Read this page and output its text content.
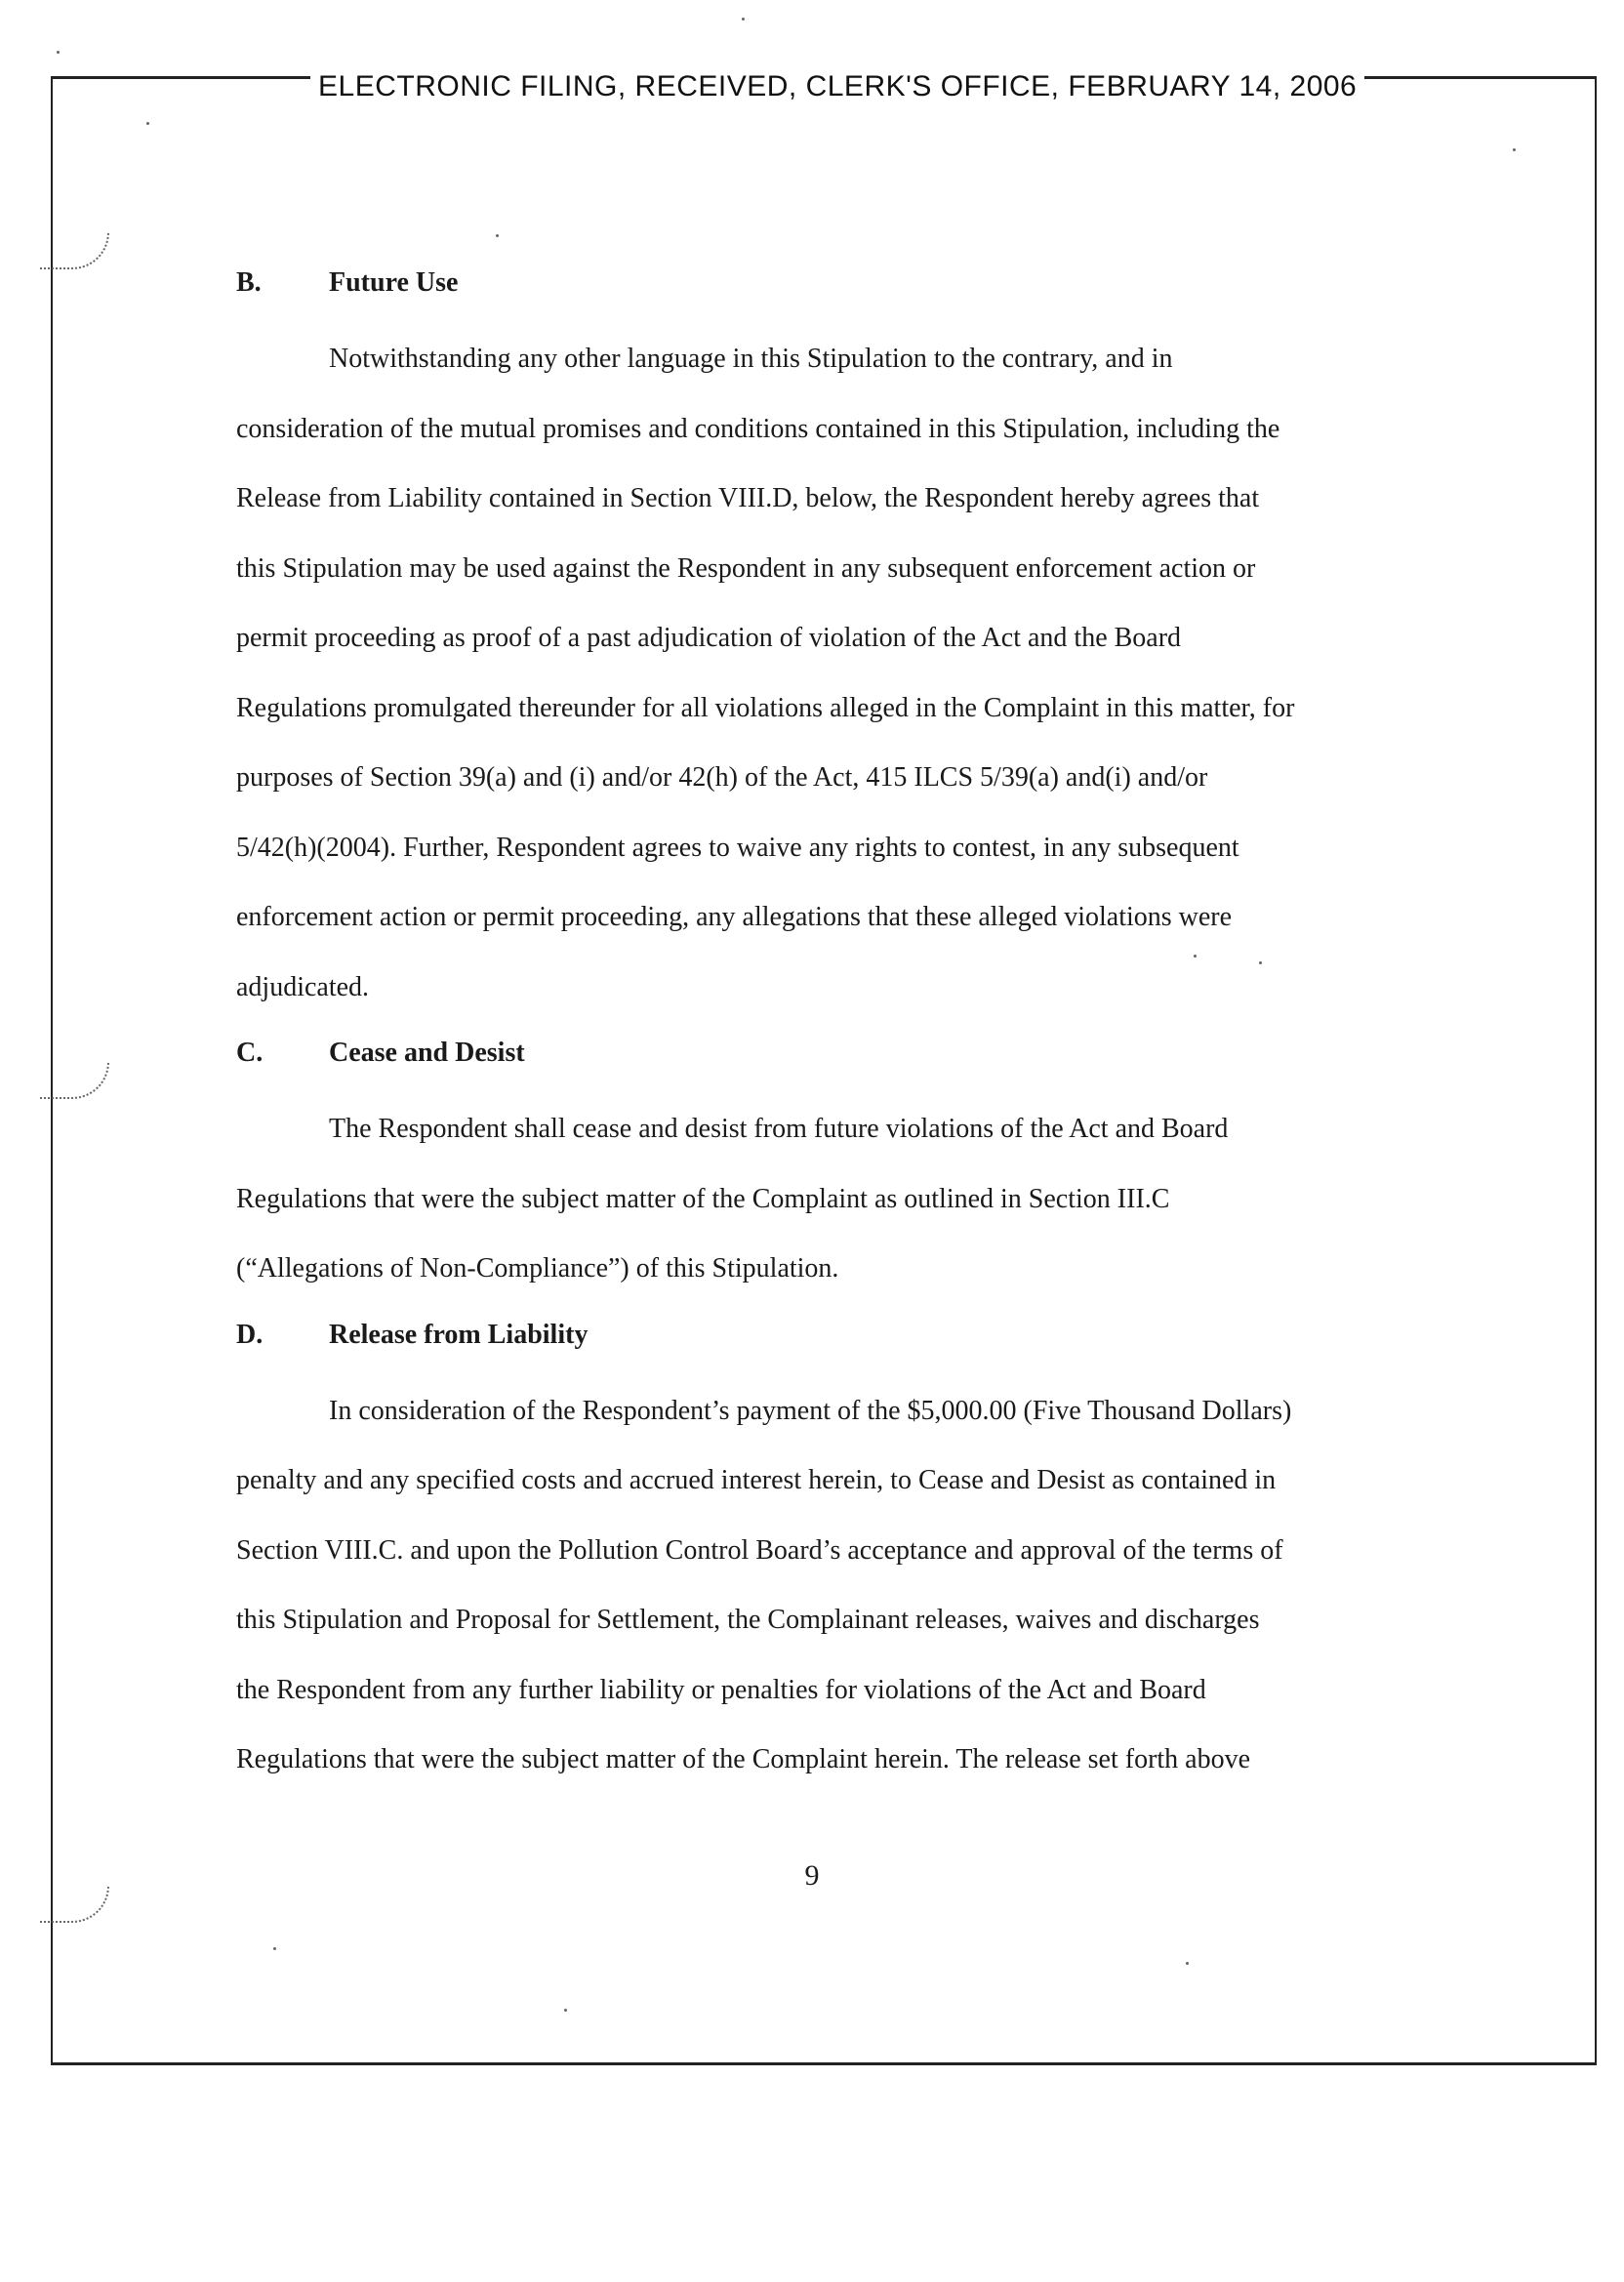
ELECTRONIC FILING, RECEIVED, CLERK'S OFFICE, FEBRUARY 14, 2006
B. Future Use

Notwithstanding any other language in this Stipulation to the contrary, and in

consideration of the mutual promises and conditions contained in this Stipulation, including the

Release from Liability contained in Section VIII.D, below, the Respondent hereby agrees that

this Stipulation may be used against the Respondent in any subsequent enforcement action or

permit proceeding as proof of a past adjudication of violation of the Act and the Board

Regulations promulgated thereunder for all violations alleged in the Complaint in this matter, for

purposes of Section 39(a) and (i) and/or 42(h) of the Act, 415 ILCS 5/39(a) and(i) and/or

5/42(h)(2004). Further, Respondent agrees to waive any rights to contest, in any subsequent

enforcement action or permit proceeding, any allegations that these alleged violations were

adjudicated.

C. Cease and Desist

The Respondent shall cease and desist from future violations of the Act and Board

Regulations that were the subject matter of the Complaint as outlined in Section III.C

(“Allegations of Non-Compliance”) of this Stipulation.

D. Release from Liability

In consideration of the Respondent’s payment of the $5,000.00 (Five Thousand Dollars)

penalty and any specified costs and accrued interest herein, to Cease and Desist as contained in

Section VIII.C. and upon the Pollution Control Board’s acceptance and approval of the terms of

this Stipulation and Proposal for Settlement, the Complainant releases, waives and discharges

the Respondent from any further liability or penalties for violations of the Act and Board

Regulations that were the subject matter of the Complaint herein. The release set forth above

9
